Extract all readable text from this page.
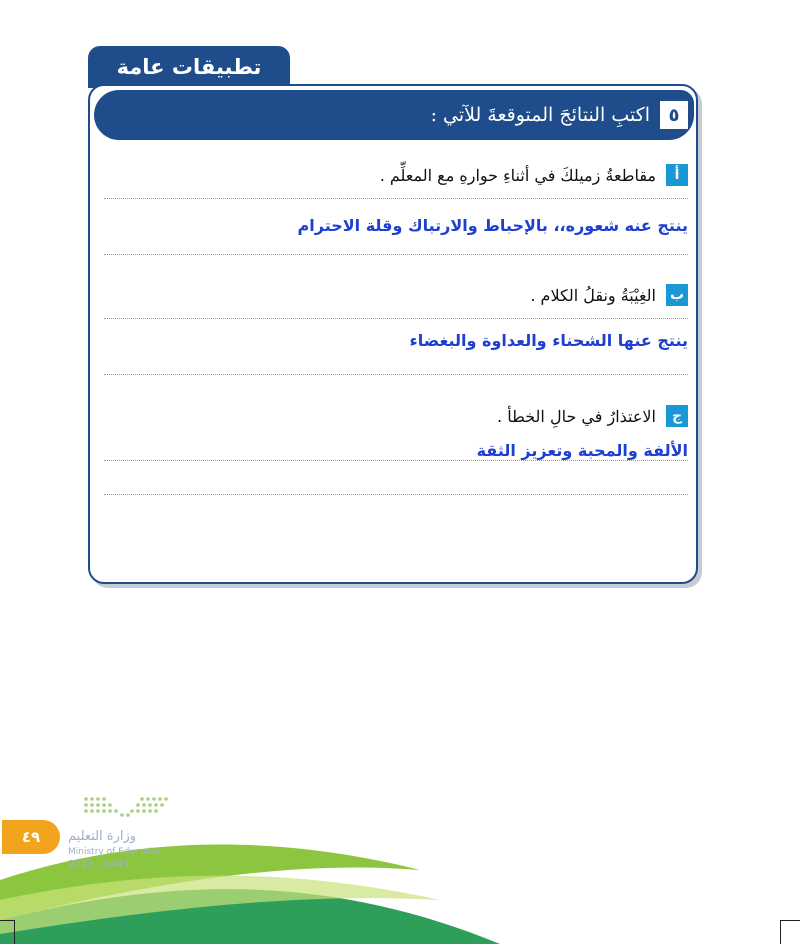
تطبيقات عامة
٥
اكتبِ النتائجَ المتوقعةَ للآتي :
أ
مقاطعةُ زميلكَ في أثناءِ حوارهِ مع المعلِّم .
ينتج عنه شعوره،، بالإحباط والارتباك وقلة الاحترام
ب
الغِيْبَةُ ونقلُ الكلام .
ينتج عنها الشحناء والعداوة والبغضاء
ج
الاعتذارُ في حالِ الخطأ .
الألفة والمحبة وتعزيز الثقة
٤٩	وزارة التعليم
Ministry of Education
2021 - 1443
